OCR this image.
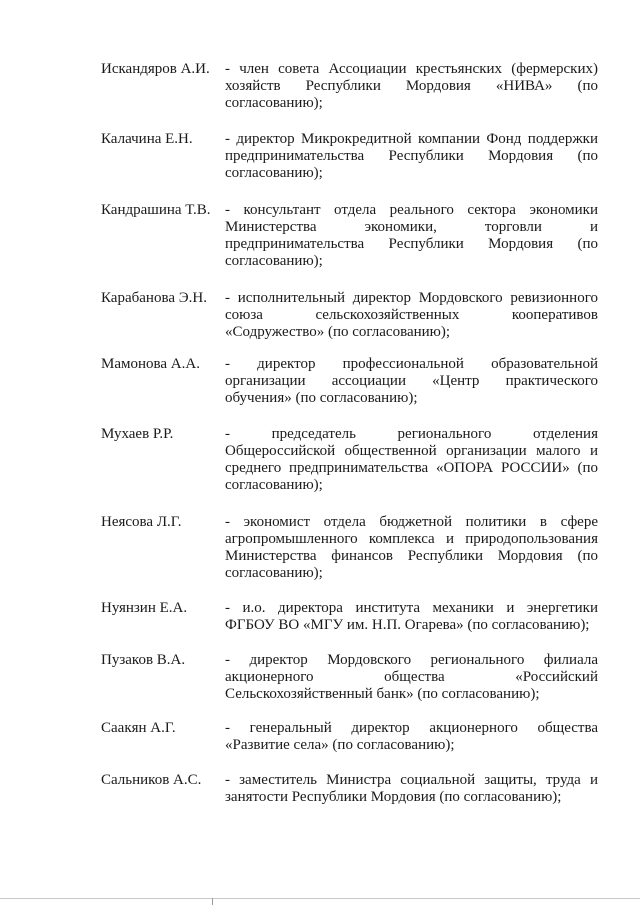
Искандяров А.И. - член совета Ассоциации крестьянских (фермерских) хозяйств Республики Мордовия «НИВА» (по согласованию);
Калачина Е.Н. - директор Микрокредитной компании Фонд поддержки предпринимательства Республики Мордовия (по согласованию);
Кандрашина Т.В. - консультант отдела реального сектора экономики Министерства экономики, торговли и предпринимательства Республики Мордовия (по согласованию);
Карабанова Э.Н. - исполнительный директор Мордовского ревизионного союза сельскохозяйственных кооперативов «Содружество» (по согласованию);
Мамонова А.А. - директор профессиональной образовательной организации ассоциации «Центр практического обучения» (по согласованию);
Мухаев Р.Р.	- председатель регионального отделения Общероссийской общественной организации малого и среднего предпринимательства «ОПОРА РОССИИ» (по согласованию);
Неясова Л.Г.	- экономист отдела бюджетной политики в сфере агропромышленного комплекса и природопользования Министерства финансов Республики Мордовия (по согласованию);
Нуянзин Е.А.	- и.о. директора института механики и энергетики ФГБОУ ВО «МГУ им. Н.П. Огарева» (по согласованию);
Пузаков В.А.	- директор Мордовского регионального филиала акционерного общества «Российский Сельскохозяйственный банк» (по согласованию);
Саакян А.Г.	- генеральный директор акционерного общества «Развитие села» (по согласованию);
Сальников А.С. - заместитель Министра социальной защиты, труда и занятости Республики Мордовия (по согласованию);
